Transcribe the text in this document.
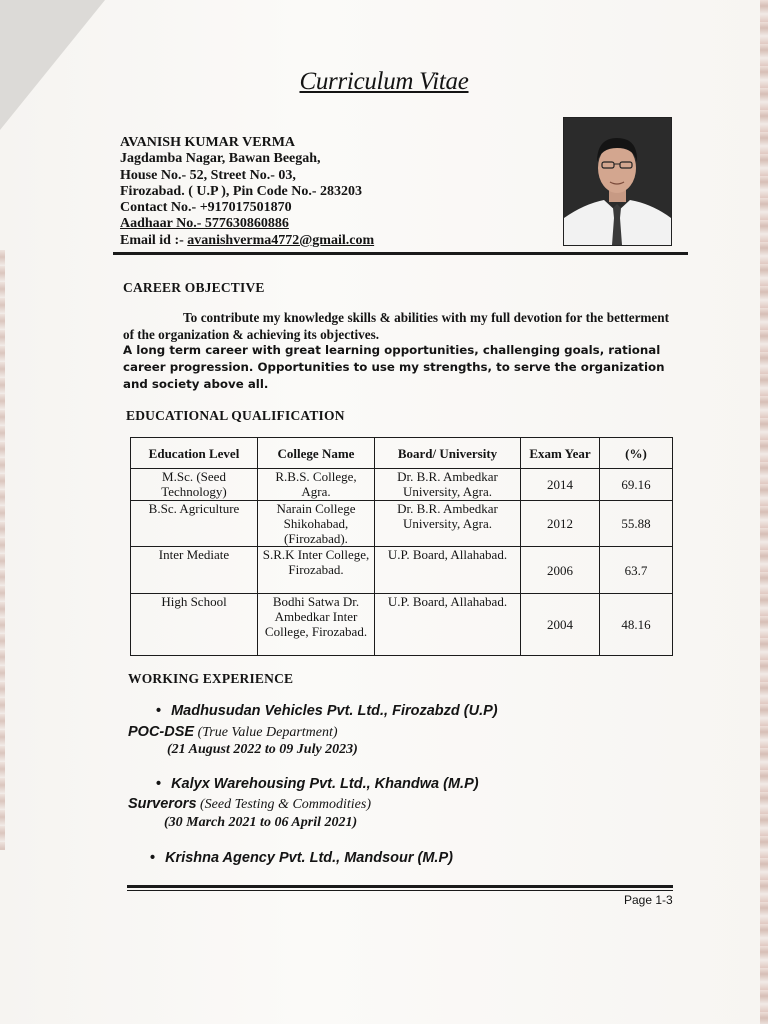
Curriculum Vitae
AVANISH KUMAR VERMA
Jagdamba Nagar, Bawan Beegah,
House No.- 52, Street No.- 03,
Firozabad. ( U.P ), Pin Code No.- 283203
Contact No.- +917017501870
Aadhaar No.- 577630860886
Email id :- avanishverma4772@gmail.com
CAREER OBJECTIVE
To contribute my knowledge skills & abilities with my full devotion for the betterment of the organization & achieving its objectives.
A long term career with great learning opportunities, challenging goals, rational career progression. Opportunities to use my strengths, to serve the organization and society above all.
EDUCATIONAL QUALIFICATION
Education Level	College Name	Board/ University	Exam Year	(%)
M.Sc. (Seed Technology)	R.B.S. College, Agra.	Dr. B.R. Ambedkar University, Agra.	2014	69.16
B.Sc. Agriculture	Narain College Shikohabad, (Firozabad).	Dr. B.R. Ambedkar University, Agra.	2012	55.88
Inter Mediate	S.R.K Inter College, Firozabad.	U.P. Board, Allahabad.	2006	63.7
High School	Bodhi Satwa Dr. Ambedkar Inter College, Firozabad.	U.P. Board, Allahabad.	2004	48.16
WORKING EXPERIENCE
• Madhusudan Vehicles Pvt. Ltd., Firozabzd (U.P)
POC-DSE (True Value Department)
(21 August 2022 to 09 July 2023)
• Kalyx Warehousing Pvt. Ltd., Khandwa (M.P)
Surverors (Seed Testing & Commodities)
(30 March 2021 to 06 April 2021)
• Krishna Agency Pvt. Ltd., Mandsour (M.P)
Page 1-3
